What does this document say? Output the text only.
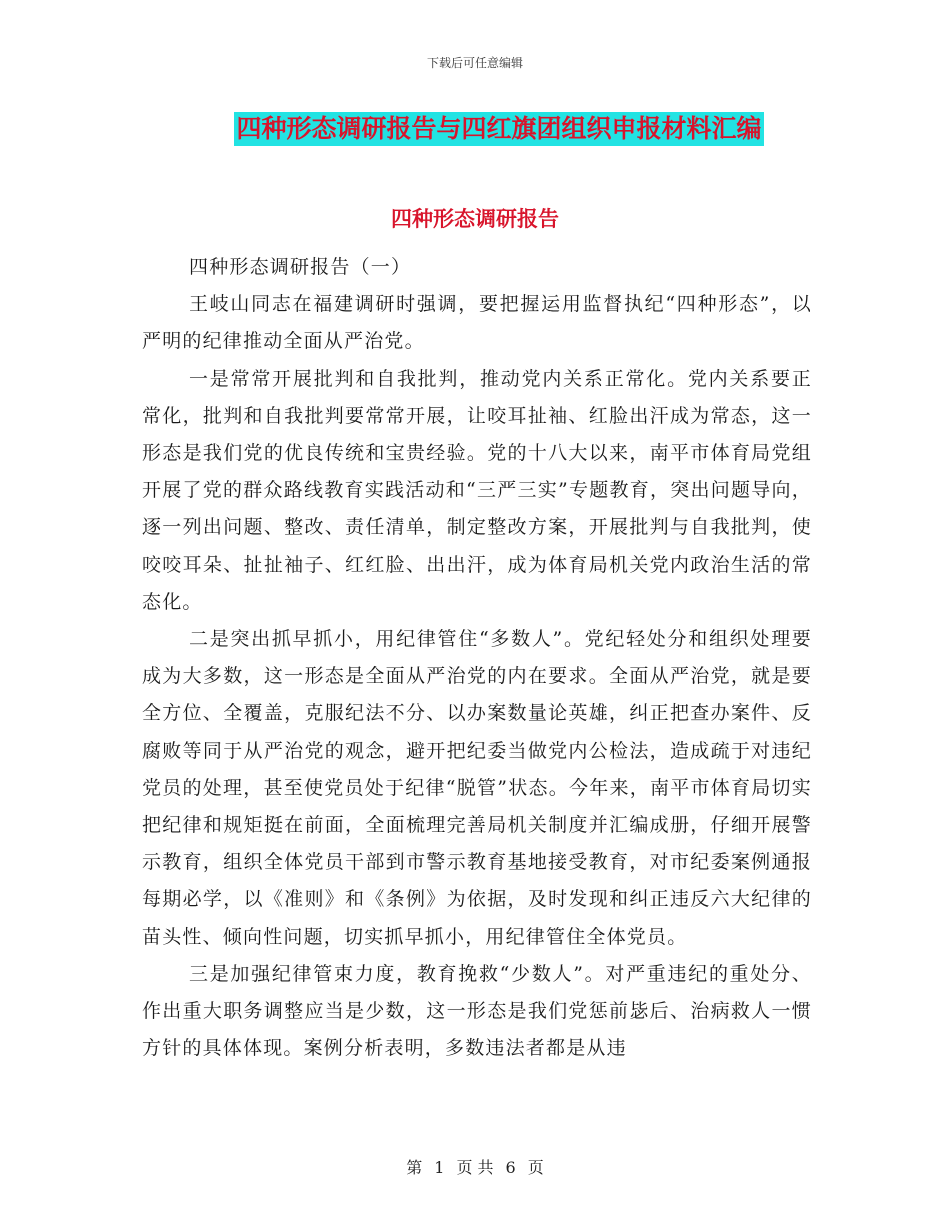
下载后可任意编辑
四种形态调研报告与四红旗团组织申报材料汇编
四种形态调研报告

四种形态调研报告（一）

王岐山同志在福建调研时强调，要把握运用监督执纪“四种形态”，以严明的纪律推动全面从严治党。

一是常常开展批判和自我批判，推动党内关系正常化。党内关系要正常化，批判和自我批判要常常开展，让咬耳扯袖、红脸出汗成为常态，这一形态是我们党的优良传统和宝贵经验。党的十八大以来，南平市体育局党组开展了党的群众路线教育实践活动和“三严三实”专题教育，突出问题导向，逐一列出问题、整改、责任清单，制定整改方案，开展批判与自我批判，使咬咬耳朵、扯扯袖子、红红脸、出出汗，成为体育局机关党内政治生活的常态化。

二是突出抓早抓小，用纪律管住“多数人”。党纪轻处分和组织处理要成为大多数，这一形态是全面从严治党的内在要求。全面从严治党，就是要全方位、全覆盖，克服纪法不分、以办案数量论英雄，纠正把查办案件、反腐败等同于从严治党的观念，避开把纪委当做党内公检法，造成疏于对违纪党员的处理，甚至使党员处于纪律“脱管”状态。今年来，南平市体育局切实把纪律和规矩挺在前面，全面梳理完善局机关制度并汇编成册，仔细开展警示教育，组织全体党员干部到市警示教育基地接受教育，对市纪委案例通报每期必学，以《准则》和《条例》为依据，及时发现和纠正违反六大纪律的苗头性、倾向性问题，切实抓早抓小，用纪律管住全体党员。

三是加强纪律管束力度，教育挽救“少数人”。对严重违纪的重处分、作出重大职务调整应当是少数，这一形态是我们党惩前毖后、治病救人一惯方针的具体体现。案例分析表明，多数违法者都是从违

第 1 页 共 6 页
